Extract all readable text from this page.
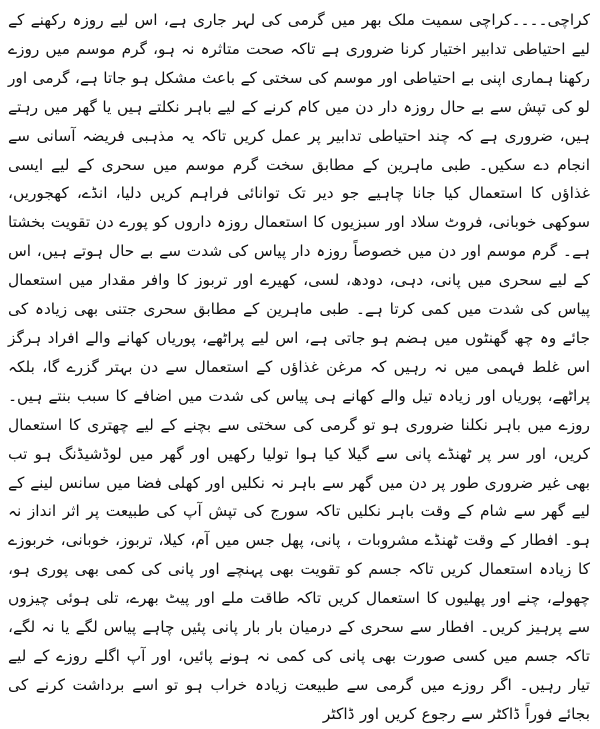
کراچی۔۔۔۔کراچی سمیت ملک بھر میں گرمی کی لہر جاری ہے، اس لیے روزہ رکھنے کے لیے احتیاطی تدابیر اختیار کرنا ضروری ہے تاکہ صحت متاثرہ نہ ہو، گرم موسم میں روزے رکھنا ہماری اپنی بے احتیاطی اور موسم کی سختی کے باعث مشکل ہو جاتا ہے، گرمی اور لو کی تپش سے بے حال روزہ دار دن میں کام کرنے کے لیے باہر نکلتے ہیں یا گھر میں رہتے ہیں، ضروری ہے کہ چند احتیاطی تدابیر پر عمل کریں تاکہ یہ مذہبی فریضہ آسانی سے انجام دے سکیں۔ طبی ماہرین کے مطابق سخت گرم موسم میں سحری کے لیے ایسی غذاؤں کا استعمال کیا جانا چاہیے جو دیر تک توانائی فراہم کریں دلیا، انڈے، کھجوریں، سوکھی خوبانی، فروٹ سلاد اور سبزیوں کا استعمال روزہ داروں کو پورے دن تقویت بخشتا ہے۔ گرم موسم اور دن میں خصوصاً روزہ دار پیاس کی شدت سے بے حال ہوتے ہیں، اس کے لیے سحری میں پانی، دہی، دودھ، لسی، کھیرے اور تربوز کا وافر مقدار میں استعمال پیاس کی شدت میں کمی کرتا ہے۔ طبی ماہرین کے مطابق سحری جتنی بھی زیادہ کی جائے وہ چھ گھنٹوں میں ہضم ہو جاتی ہے، اس لیے پراٹھے، پوریاں کھانے والے افراد ہرگز اس غلط فہمی میں نہ رہیں کہ مرغن غذاؤں کے استعمال سے دن بہتر گزرے گا، بلکہ پراٹھے، پوریاں اور زیادہ تیل والے کھانے ہی پیاس کی شدت میں اضافے کا سبب بنتے ہیں۔ روزے میں باہر نکلنا ضروری ہو تو گرمی کی سختی سے بچنے کے لیے چھتری کا استعمال کریں، اور سر پر ٹھنڈے پانی سے گیلا کیا ہوا تولیا رکھیں اور گھر میں لوڈشیڈنگ ہو تب بھی غیر ضروری طور پر دن میں گھر سے باہر نہ نکلیں اور کھلی فضا میں سانس لینے کے لیے گھر سے شام کے وقت باہر نکلیں تاکہ سورج کی تپش آپ کی طبیعت پر اثر انداز نہ ہو۔ افطار کے وقت ٹھنڈے مشروبات ، پانی، پھل جس میں آم، کیلا، تربوز، خوبانی، خربوزے کا زیادہ استعمال کریں تاکہ جسم کو تقویت بھی پہنچے اور پانی کی کمی بھی پوری ہو، چھولے، چنے اور پھلیوں کا استعمال کریں تاکہ طاقت ملے اور پیٹ بھرے، تلی ہوئی چیزوں سے پرہیز کریں۔ افطار سے سحری کے درمیان بار بار پانی پئیں چاہے پیاس لگے یا نہ لگے، تاکہ جسم میں کسی صورت بھی پانی کی کمی نہ ہونے پائیں، اور آپ اگلے روزے کے لیے تیار رہیں۔ اگر روزے میں گرمی سے طبیعت زیادہ خراب ہو تو اسے برداشت کرنے کی بجائے فوراً ڈاکٹر سے رجوع کریں اور ڈاکٹر
